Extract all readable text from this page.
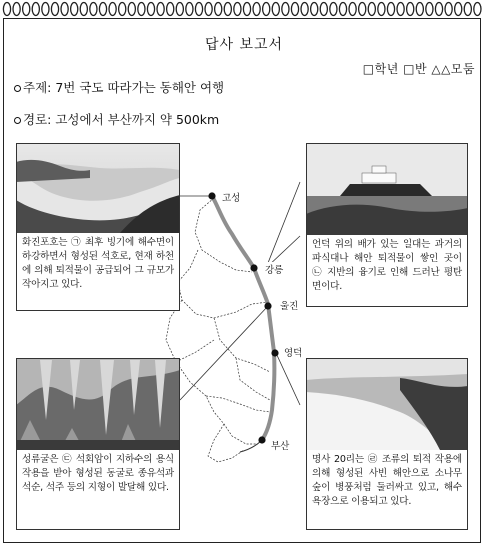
답사 보고서
□학년 □반 △△모둠
주제: 7번 국도 따라가는 동해안 여행
경로: 고성에서 부산까지 약 500km
고성
강릉
울진
영덕
부산
화진포호는 ㉠ 최후 빙기에 해수면이 하강하면서 형성된 석호로, 현재 하천에 의해 퇴적물이 공급되어 그 규모가 작아지고 있다.
언덕 위의 배가 있는 일대는 과거의 파식대나 해안 퇴적물이 쌓인 곳이 ㉡ 지반의 융기로 인해 드러난 평탄면이다.
성류굴은 ㉢ 석회암이 지하수의 용식 작용을 받아 형성된 동굴로 종유석과 석순, 석주 등의 지형이 발달해 있다.
명사 20리는 ㉣ 조류의 퇴적 작용에 의해 형성된 사빈 해안으로 소나무 숲이 병풍처럼 둘러싸고 있고, 해수욕장으로 이용되고 있다.
